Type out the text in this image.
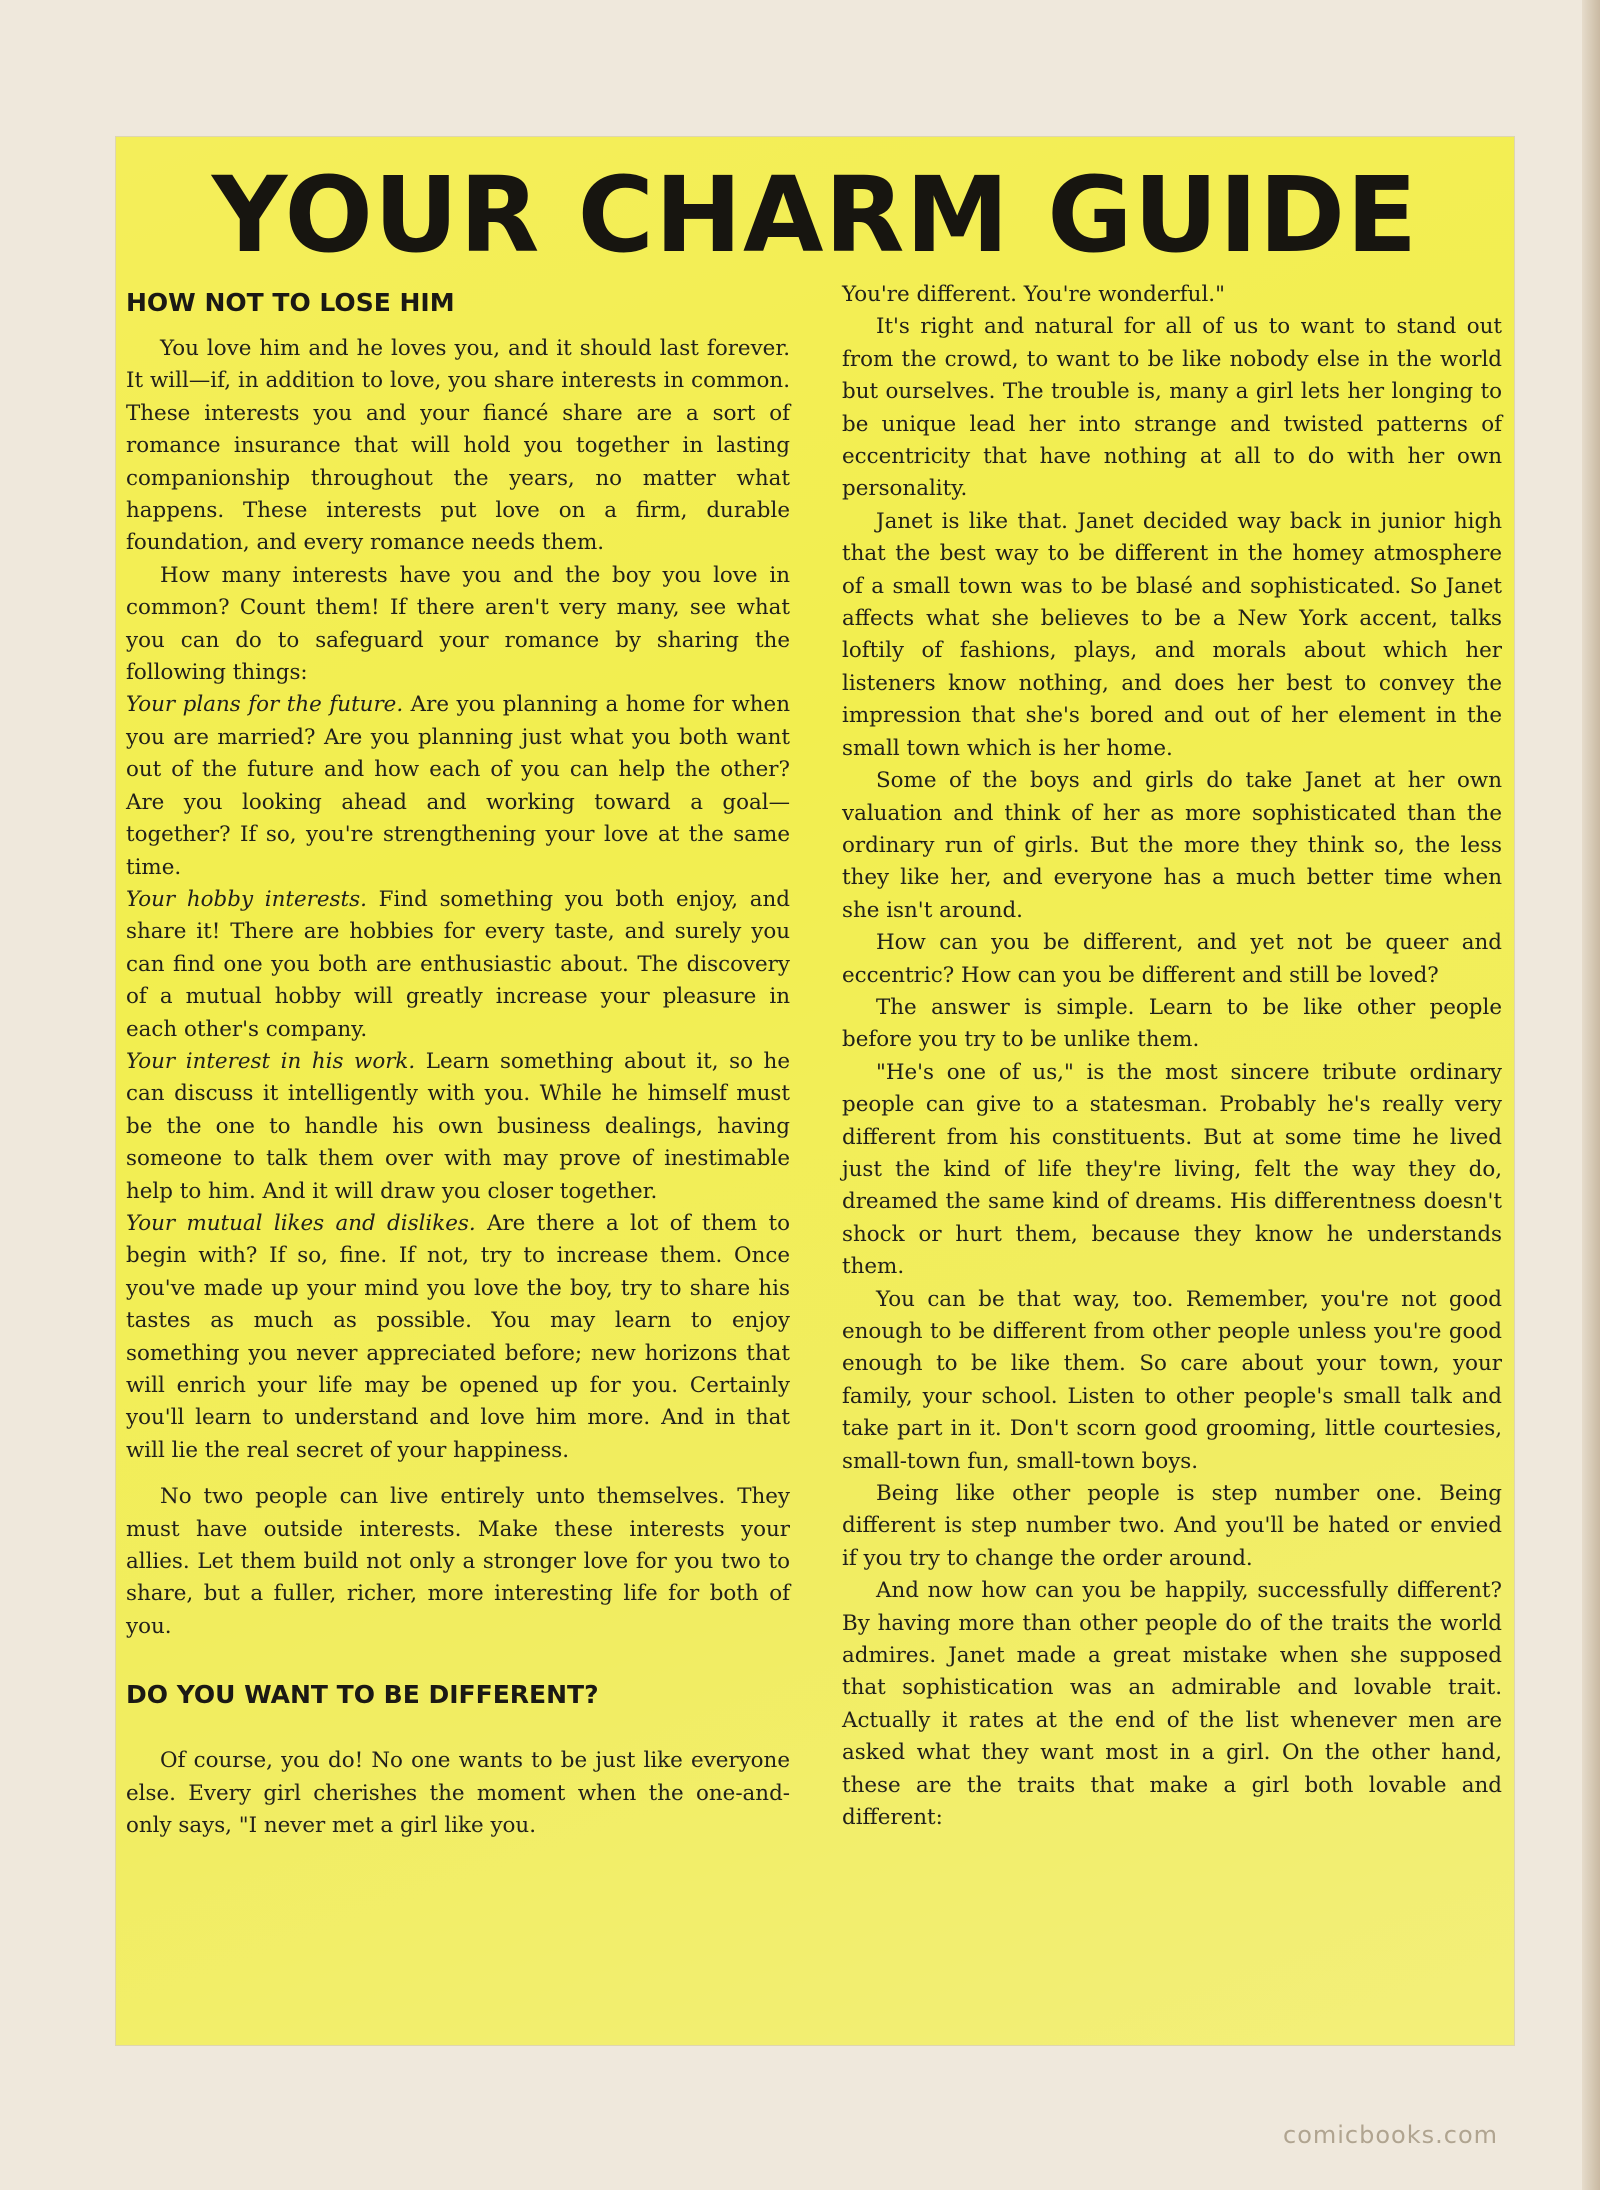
YOUR CHARM GUIDE
HOW NOT TO LOSE HIM

You love him and he loves you, and it should last forever. It will—if, in addition to love, you share interests in common. These interests you and your fiancé share are a sort of romance insurance that will hold you together in lasting companionship throughout the years, no matter what happens. These interests put love on a firm, durable foundation, and every romance needs them.

How many interests have you and the boy you love in common? Count them! If there aren't very many, see what you can do to safeguard your romance by sharing the following things:

Your plans for the future. Are you planning a home for when you are married? Are you planning just what you both want out of the future and how each of you can help the other? Are you looking ahead and working toward a goal—together? If so, you're strengthening your love at the same time.

Your hobby interests. Find something you both enjoy, and share it! There are hobbies for every taste, and surely you can find one you both are enthusiastic about. The discovery of a mutual hobby will greatly increase your pleasure in each other's company.

Your interest in his work. Learn something about it, so he can discuss it intelligently with you. While he himself must be the one to handle his own business dealings, having someone to talk them over with may prove of inestimable help to him. And it will draw you closer together.

Your mutual likes and dislikes. Are there a lot of them to begin with? If so, fine. If not, try to increase them. Once you've made up your mind you love the boy, try to share his tastes as much as possible. You may learn to enjoy something you never appreciated before; new horizons that will enrich your life may be opened up for you. Certainly you'll learn to understand and love him more. And in that will lie the real secret of your happiness.

No two people can live entirely unto themselves. They must have outside interests. Make these interests your allies. Let them build not only a stronger love for you two to share, but a fuller, richer, more interesting life for both of you.

DO YOU WANT TO BE DIFFERENT?

Of course, you do! No one wants to be just like everyone else. Every girl cherishes the moment when the one-and-only says, "I never met a girl like you.

You're different. You're wonderful."

It's right and natural for all of us to want to stand out from the crowd, to want to be like nobody else in the world but ourselves. The trouble is, many a girl lets her longing to be unique lead her into strange and twisted patterns of eccentricity that have nothing at all to do with her own personality.

Janet is like that. Janet decided way back in junior high that the best way to be different in the homey atmosphere of a small town was to be blasé and sophisticated. So Janet affects what she believes to be a New York accent, talks loftily of fashions, plays, and morals about which her listeners know nothing, and does her best to convey the impression that she's bored and out of her element in the small town which is her home.

Some of the boys and girls do take Janet at her own valuation and think of her as more sophisticated than the ordinary run of girls. But the more they think so, the less they like her, and everyone has a much better time when she isn't around.

How can you be different, and yet not be queer and eccentric? How can you be different and still be loved?

The answer is simple. Learn to be like other people before you try to be unlike them.

"He's one of us," is the most sincere tribute ordinary people can give to a statesman. Probably he's really very different from his constituents. But at some time he lived just the kind of life they're living, felt the way they do, dreamed the same kind of dreams. His differentness doesn't shock or hurt them, because they know he understands them.

You can be that way, too. Remember, you're not good enough to be different from other people unless you're good enough to be like them. So care about your town, your family, your school. Listen to other people's small talk and take part in it. Don't scorn good grooming, little courtesies, small-town fun, small-town boys.

Being like other people is step number one. Being different is step number two. And you'll be hated or envied if you try to change the order around.

And now how can you be happily, successfully different? By having more than other people do of the traits the world admires. Janet made a great mistake when she supposed that sophistication was an admirable and lovable trait. Actually it rates at the end of the list whenever men are asked what they want most in a girl. On the other hand, these are the traits that make a girl both lovable and different:

comicbooks.com
